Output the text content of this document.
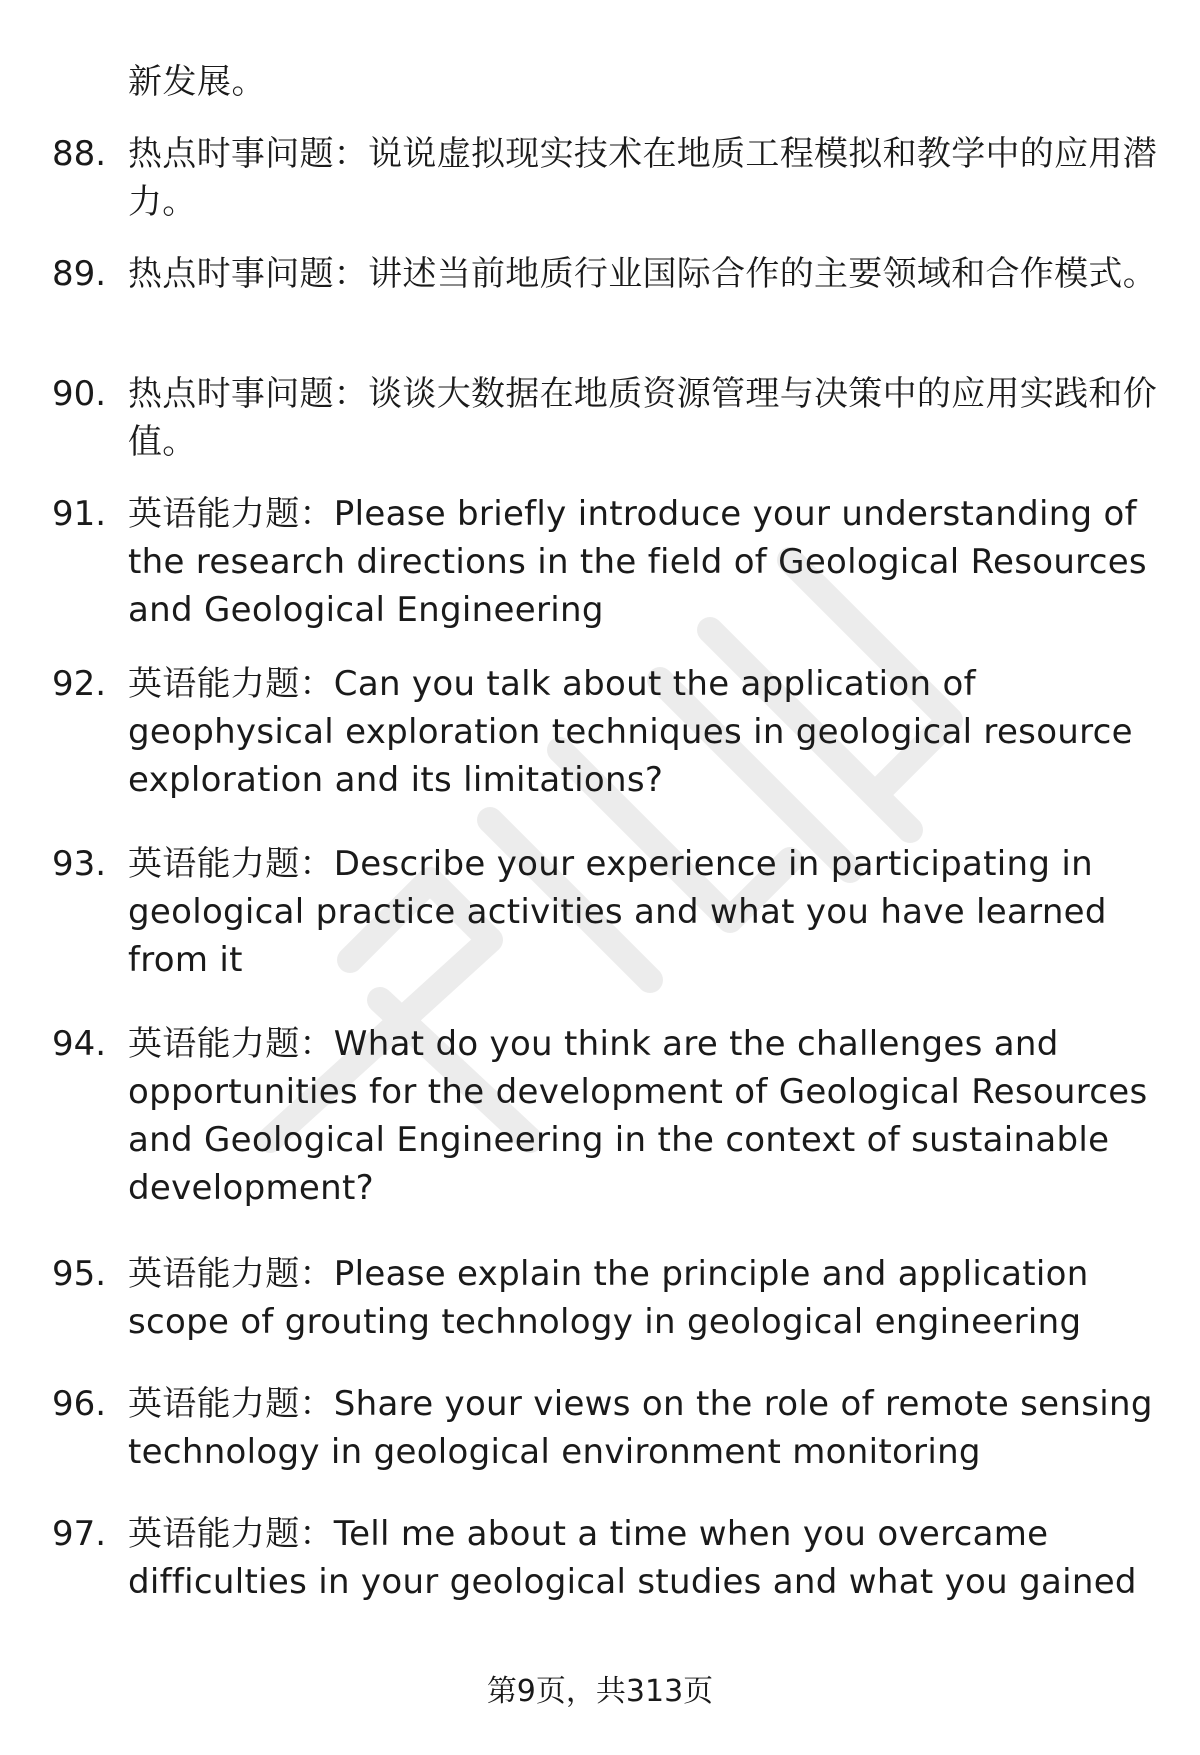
新发展。
88. 热点时事问题：说说虚拟现实技术在地质工程模拟和教学中的应用潜力。
89. 热点时事问题：讲述当前地质行业国际合作的主要领域和合作模式。
90. 热点时事问题：谈谈大数据在地质资源管理与决策中的应用实践和价值。
91. 英语能力题：Please briefly introduce your understanding of the research directions in the field of Geological Resources and Geological Engineering
92. 英语能力题：Can you talk about the application of geophysical exploration techniques in geological resource exploration and its limitations?
93. 英语能力题：Describe your experience in participating in geological practice activities and what you have learned from it
94. 英语能力题：What do you think are the challenges and opportunities for the development of Geological Resources and Geological Engineering in the context of sustainable development?
95. 英语能力题：Please explain the principle and application scope of grouting technology in geological engineering
96. 英语能力题：Share your views on the role of remote sensing technology in geological environment monitoring
97. 英语能力题：Tell me about a time when you overcame difficulties in your geological studies and what you gained
第9页，共313页
